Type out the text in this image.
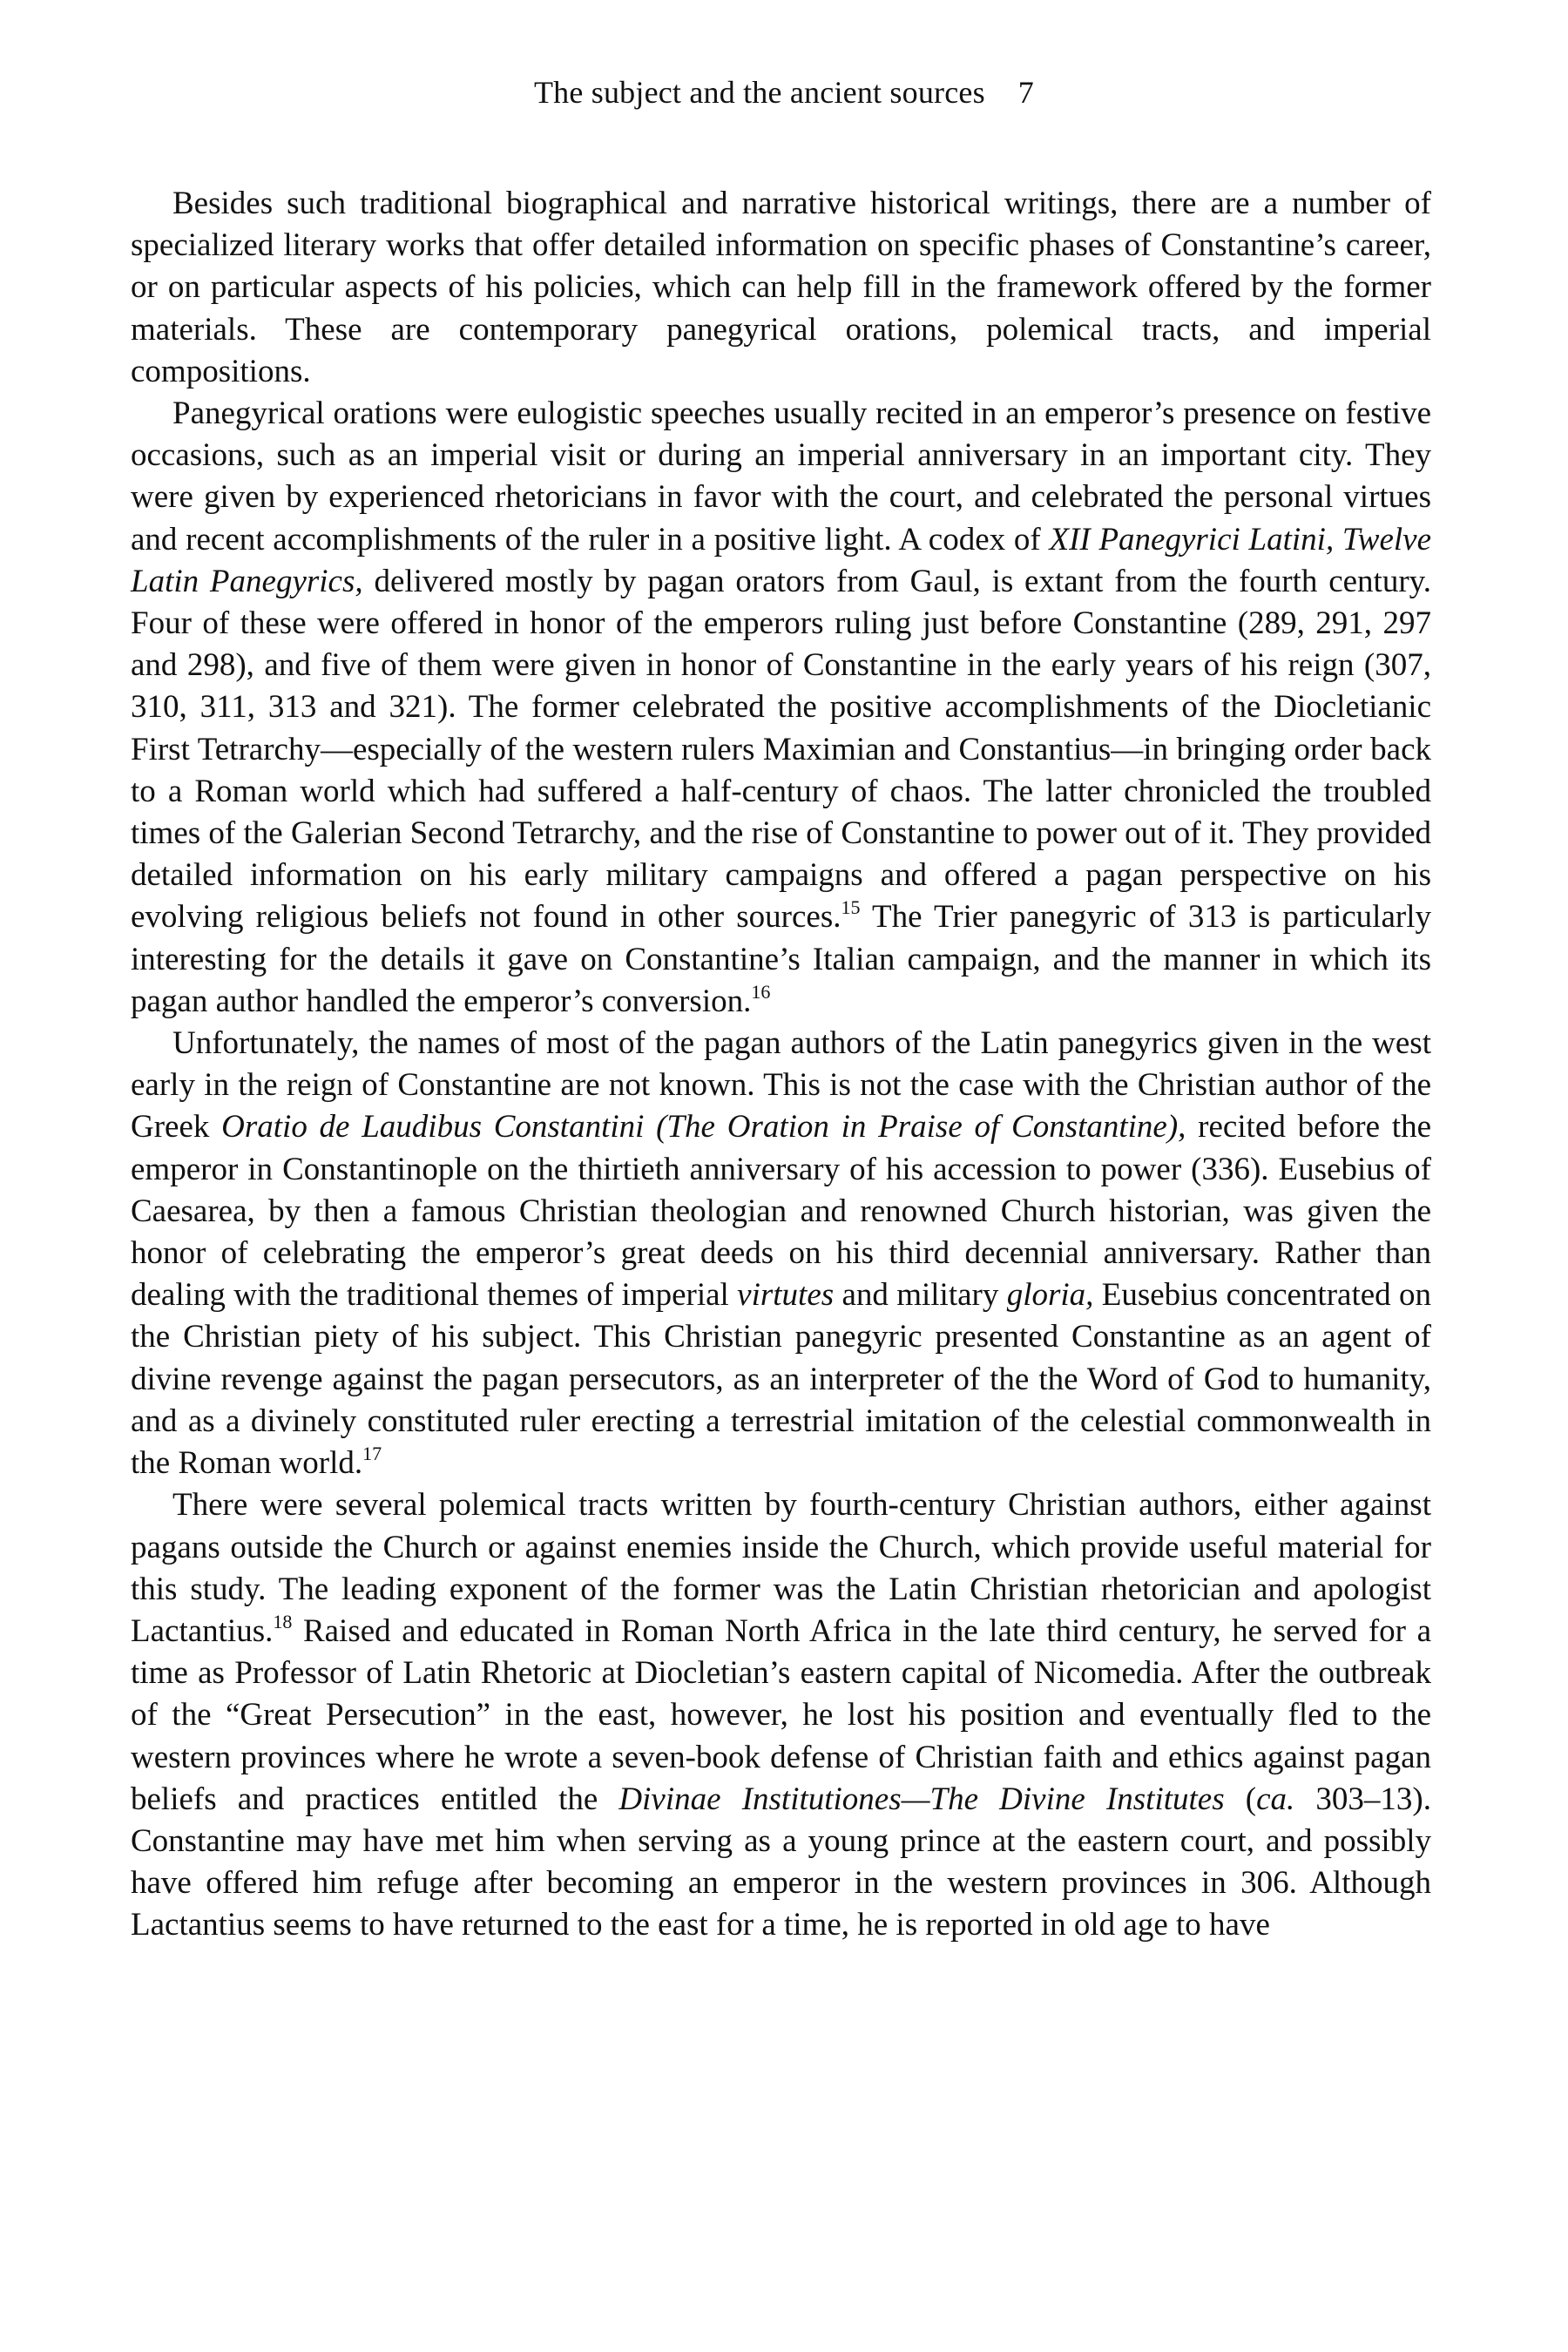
The subject and the ancient sources 7

Besides such traditional biographical and narrative historical writings, there are a number of specialized literary works that offer detailed information on specific phases of Constantine’s career, or on particular aspects of his policies, which can help fill in the framework offered by the former materials. These are contemporary panegyrical orations, polemical tracts, and imperial compositions.

Panegyrical orations were eulogistic speeches usually recited in an emperor’s presence on festive occasions, such as an imperial visit or during an imperial anniversary in an important city. They were given by experienced rhetoricians in favor with the court, and celebrated the personal virtues and recent accomplishments of the ruler in a positive light. A codex of XII Panegyrici Latini, Twelve Latin Panegyrics, delivered mostly by pagan orators from Gaul, is extant from the fourth century. Four of these were offered in honor of the emperors ruling just before Constantine (289, 291, 297 and 298), and five of them were given in honor of Constantine in the early years of his reign (307, 310, 311, 313 and 321). The former celebrated the positive accomplishments of the Diocletianic First Tetrarchy—especially of the western rulers Maximian and Constantius—in bringing order back to a Roman world which had suffered a half-century of chaos. The latter chronicled the troubled times of the Galerian Second Tetrarchy, and the rise of Constantine to power out of it. They provided detailed information on his early military campaigns and offered a pagan perspective on his evolving religious beliefs not found in other sources.$^{15}$ The Trier panegyric of 313 is particularly interesting for the details it gave on Constantine’s Italian campaign, and the manner in which its pagan author handled the emperor’s conversion.$^{16}$

Unfortunately, the names of most of the pagan authors of the Latin panegyrics given in the west early in the reign of Constantine are not known. This is not the case with the Christian author of the Greek Oratio de Laudibus Constantini (The Oration in Praise of Constantine), recited before the emperor in Constantinople on the thirtieth anniversary of his accession to power (336). Eusebius of Caesarea, by then a famous Christian theologian and renowned Church historian, was given the honor of celebrating the emperor’s great deeds on his third decennial anniversary. Rather than dealing with the traditional themes of imperial virtutes and military gloria, Eusebius concentrated on the Christian piety of his subject. This Christian panegyric presented Constantine as an agent of divine revenge against the pagan persecutors, as an interpreter of the the Word of God to humanity, and as a divinely constituted ruler erecting a terrestrial imitation of the celestial commonwealth in the Roman world.$^{17}$

There were several polemical tracts written by fourth-century Christian authors, either against pagans outside the Church or against enemies inside the Church, which provide useful material for this study. The leading exponent of the former was the Latin Christian rhetorician and apologist Lactantius.$^{18}$ Raised and educated in Roman North Africa in the late third century, he served for a time as Professor of Latin Rhetoric at Diocletian’s eastern capital of Nicomedia. After the outbreak of the “Great Persecution” in the east, however, he lost his position and eventually fled to the western provinces where he wrote a seven-book defense of Christian faith and ethics against pagan beliefs and practices entitled the Divinae Institutiones—The Divine Institutes (ca. 303–13). Constantine may have met him when serving as a young prince at the eastern court, and possibly have offered him refuge after becoming an emperor in the western provinces in 306. Although Lactantius seems to have returned to the east for a time, he is reported in old age to have
